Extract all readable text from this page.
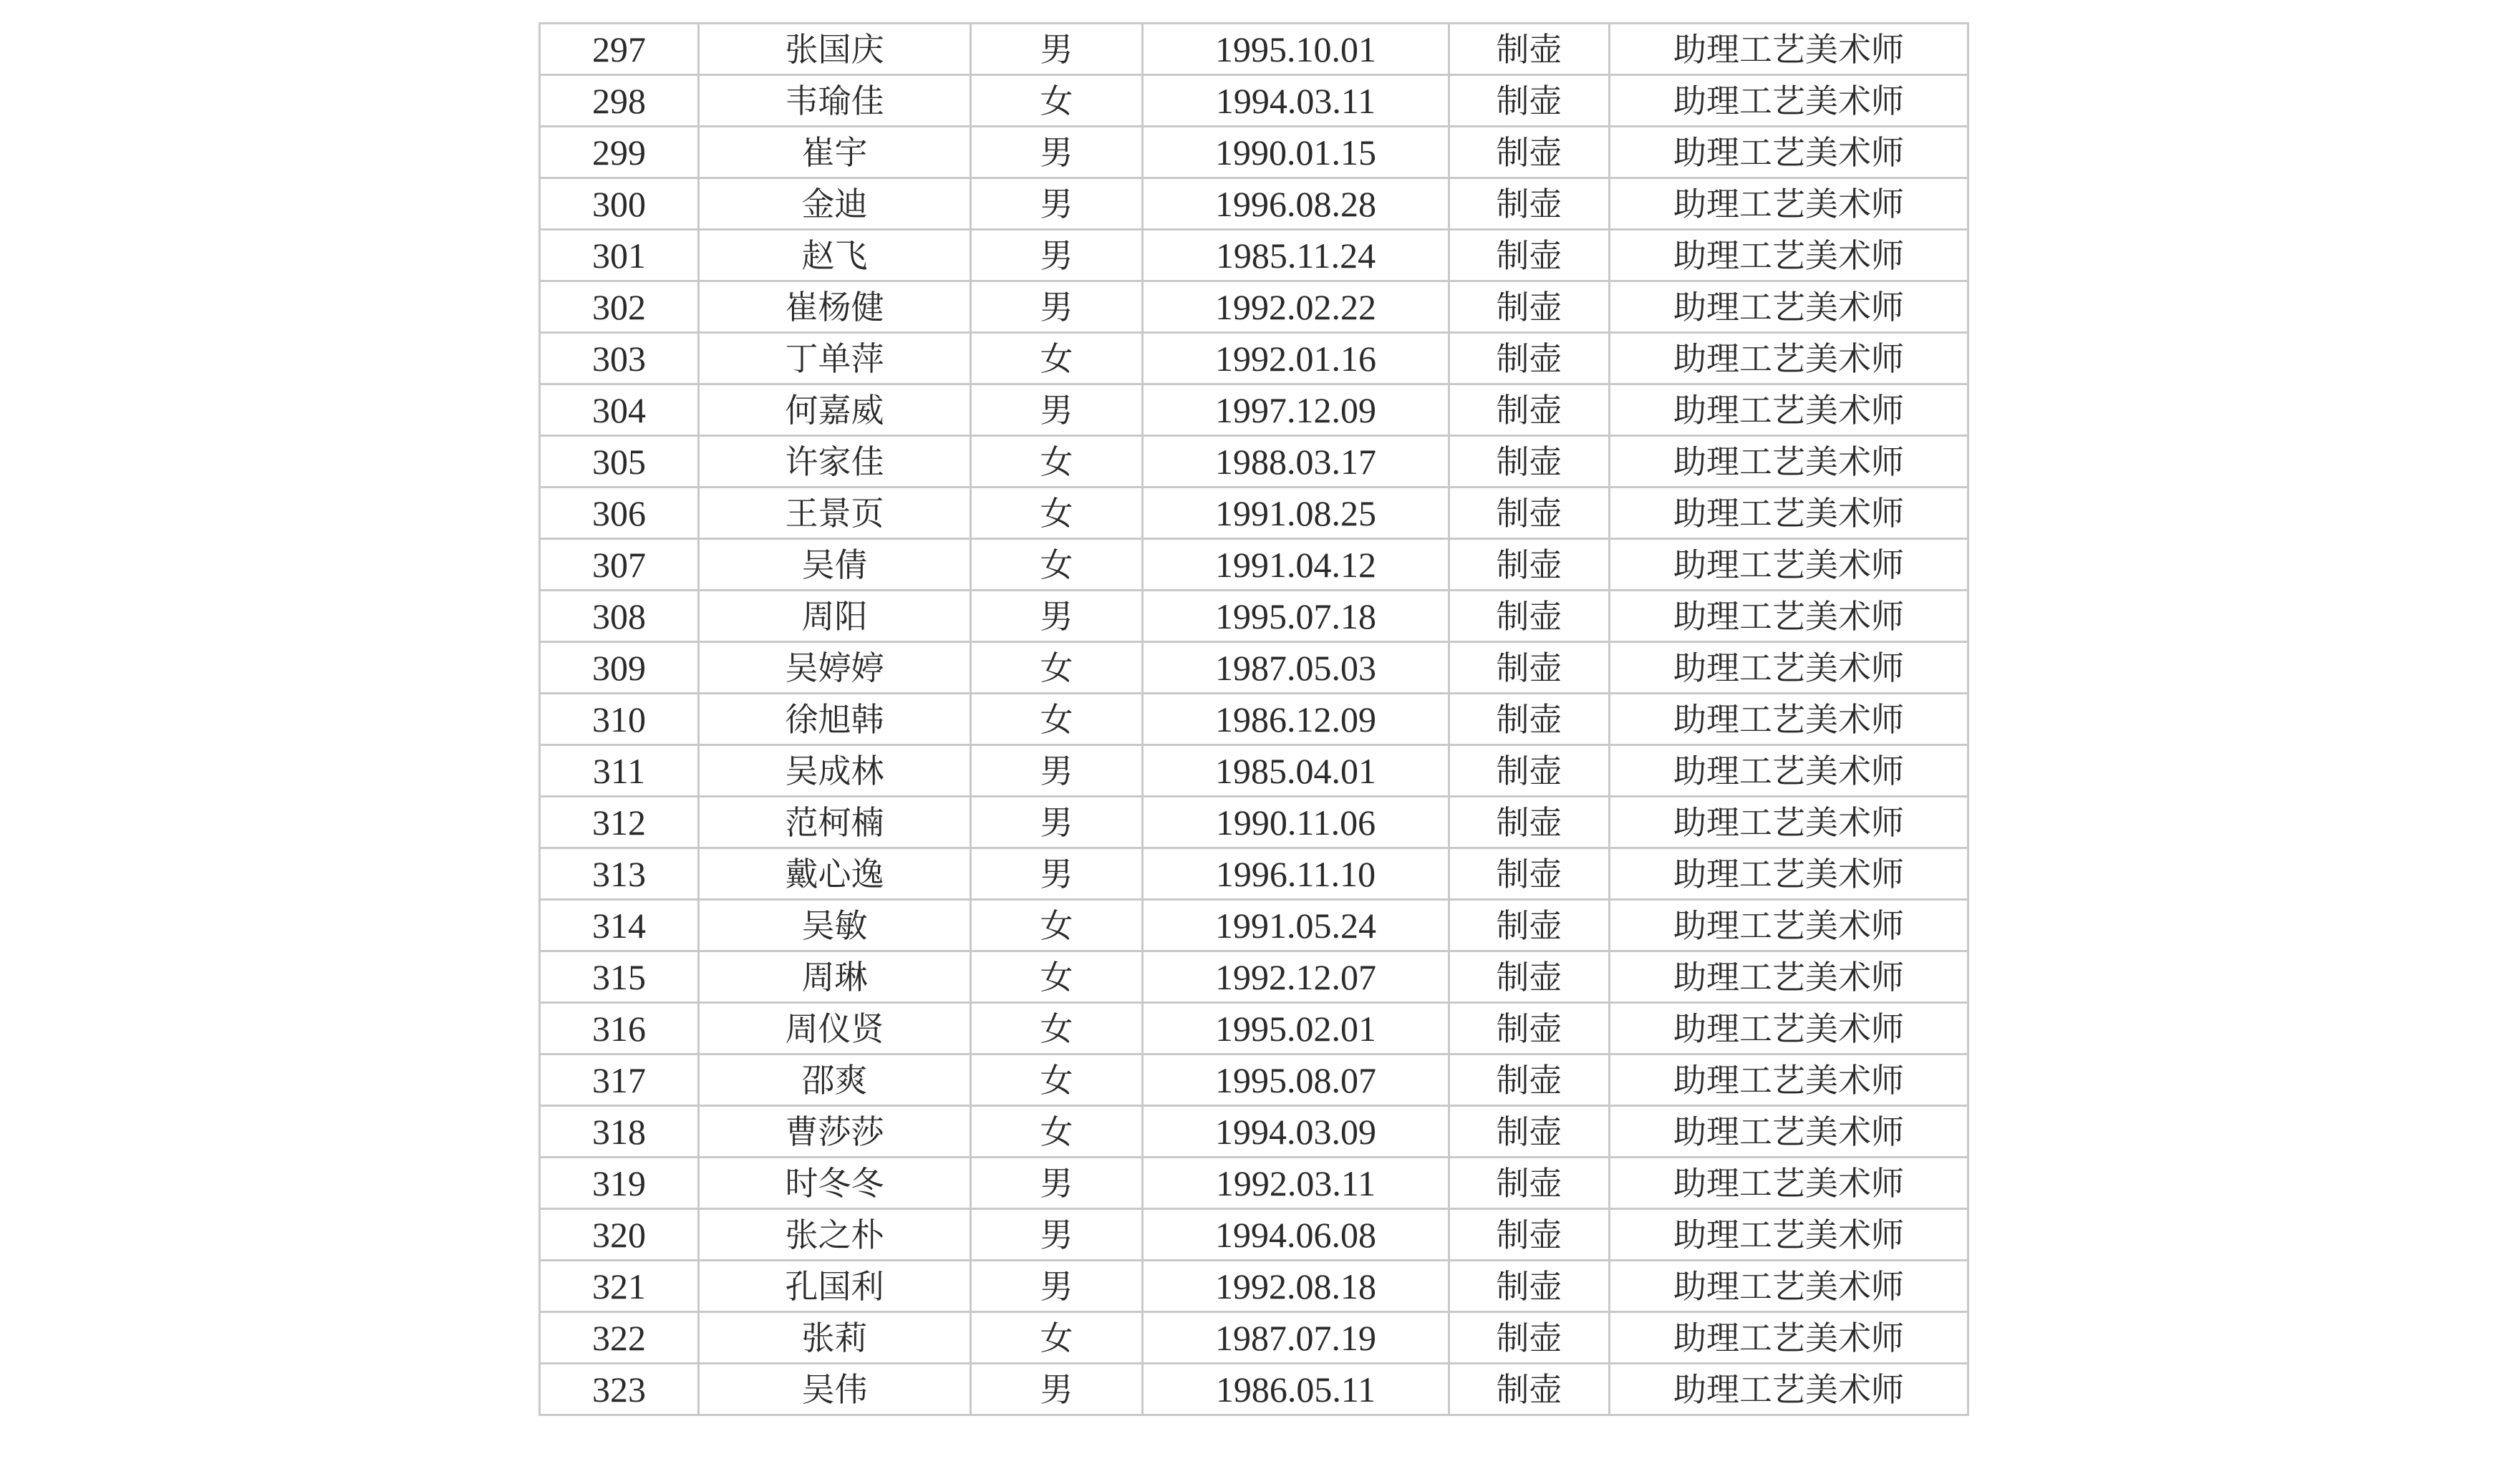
297	张国庆	男	1995.10.01	制壶	助理工艺美术师
298	韦瑜佳	女	1994.03.11	制壶	助理工艺美术师
299	崔宇	男	1990.01.15	制壶	助理工艺美术师
300	金迪	男	1996.08.28	制壶	助理工艺美术师
301	赵飞	男	1985.11.24	制壶	助理工艺美术师
302	崔杨健	男	1992.02.22	制壶	助理工艺美术师
303	丁单萍	女	1992.01.16	制壶	助理工艺美术师
304	何嘉威	男	1997.12.09	制壶	助理工艺美术师
305	许家佳	女	1988.03.17	制壶	助理工艺美术师
306	王景页	女	1991.08.25	制壶	助理工艺美术师
307	吴倩	女	1991.04.12	制壶	助理工艺美术师
308	周阳	男	1995.07.18	制壶	助理工艺美术师
309	吴婷婷	女	1987.05.03	制壶	助理工艺美术师
310	徐旭韩	女	1986.12.09	制壶	助理工艺美术师
311	吴成林	男	1985.04.01	制壶	助理工艺美术师
312	范柯楠	男	1990.11.06	制壶	助理工艺美术师
313	戴心逸	男	1996.11.10	制壶	助理工艺美术师
314	吴敏	女	1991.05.24	制壶	助理工艺美术师
315	周琳	女	1992.12.07	制壶	助理工艺美术师
316	周仪贤	女	1995.02.01	制壶	助理工艺美术师
317	邵爽	女	1995.08.07	制壶	助理工艺美术师
318	曹莎莎	女	1994.03.09	制壶	助理工艺美术师
319	时冬冬	男	1992.03.11	制壶	助理工艺美术师
320	张之朴	男	1994.06.08	制壶	助理工艺美术师
321	孔国利	男	1992.08.18	制壶	助理工艺美术师
322	张莉	女	1987.07.19	制壶	助理工艺美术师
323	吴伟	男	1986.05.11	制壶	助理工艺美术师
